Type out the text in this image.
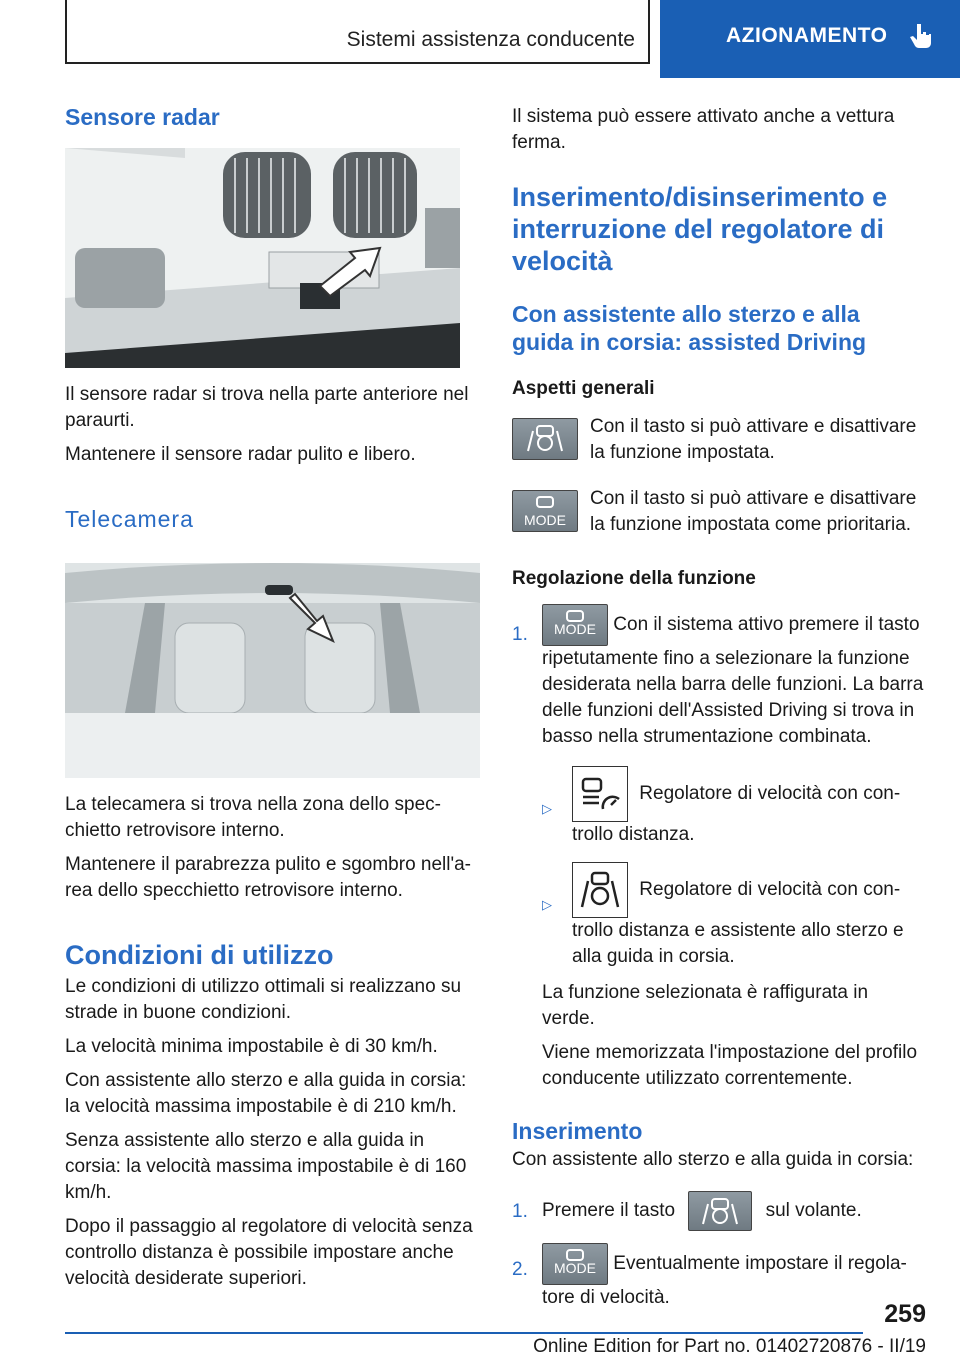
Sistemi assistenza conducente	AZIONAMENTO
Sensore radar

Il sensore radar si trova nella parte anteriore nel paraurti.

Mantenere il sensore radar pulito e libero.

Telecamera

La telecamera si trova nella zona dello spec- chietto retrovisore interno.

Mantenere il parabrezza pulito e sgombro nell'a- rea dello specchietto retrovisore interno.

Condizioni di utilizzo

Le condizioni di utilizzo ottimali si realizzano su strade in buone condizioni.

La velocità minima impostabile è di 30 km/h.

Con assistente allo sterzo e alla guida in corsia: la velocità massima impostabile è di 210 km/h.

Senza assistente allo sterzo e alla guida in corsia: la velocità massima impostabile è di 160 km/h.

Dopo il passaggio al regolatore di velocità senza controllo distanza è possibile impostare anche velocità desiderate superiori.

Il sistema può essere attivato anche a vettura ferma.

Inserimento/disinserimento e interruzione del regolatore di velocità
Con assistente allo sterzo e alla guida in corsia: assisted Driving
Aspetti generali

Con il tasto si può attivare e disattivare la funzione impostata.

MODE

Con il tasto si può attivare e disattivare la funzione impostata come prioritaria.

Regolazione della funzione
1.	MODE Con il sistema attivo premere il tasto ripetutamente fino a selezionare la funzione desiderata nella barra delle funzioni. La barra delle funzioni dell'Assisted Driving si trova in basso nella strumentazione combinata.
▷
Regolatore di velocità con con- trollo distanza.
▷
Regolatore di velocità con con- trollo distanza e assistente allo sterzo e alla guida in corsia.

La funzione selezionata è raffigurata in verde.

Viene memorizzata l'impostazione del profilo conducente utilizzato correntemente.

Inserimento

Con assistente allo sterzo e alla guida in corsia:

1. Premere il tasto	sul volante.
2.	MODE Eventualmente impostare il regola- tore di velocità.
259
Online Edition for Part no. 01402720876 - II/19
